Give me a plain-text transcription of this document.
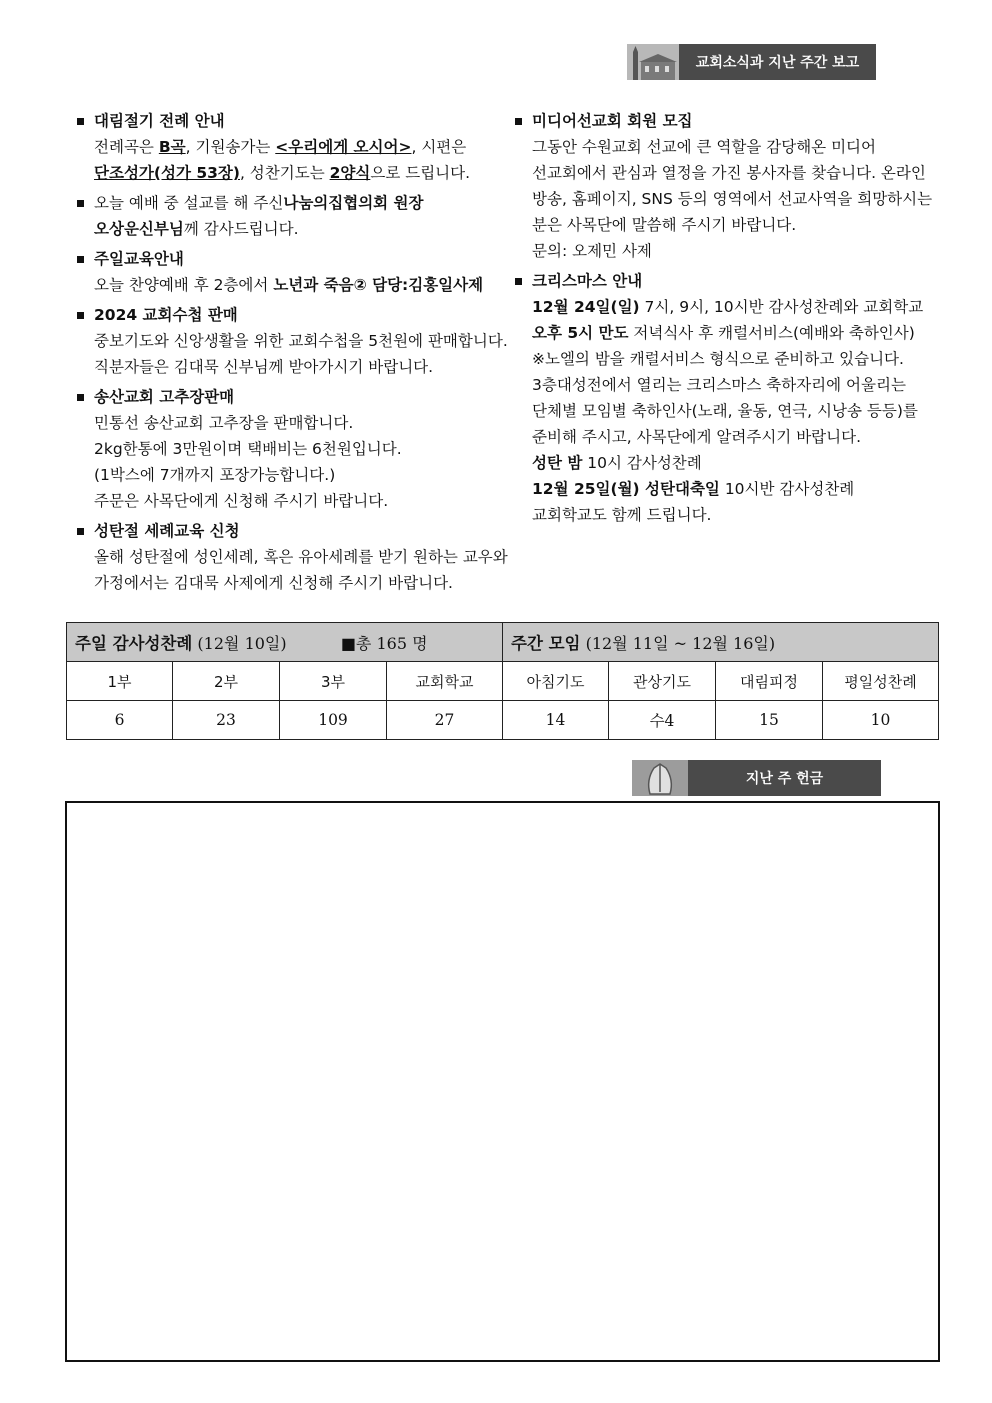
교회소식과 지난 주간 보고
대림절기 전례 안내
전례곡은 B곡, 기원송가는 <우리에게 오시어>, 시편은
단조성가(성가 53장), 성찬기도는 2양식으로 드립니다.
오늘 예배 중 설교를 해 주신 나눔의집협의회 원장
오상운신부님께 감사드립니다.
주일교육안내
오늘 찬양예배 후 2층에서 노년과 죽음② 담당:김홍일사제
2024 교회수첩 판매
중보기도와 신앙생활을 위한 교회수첩을 5천원에 판매합니다.
직분자들은 김대묵 신부님께 받아가시기 바랍니다.
송산교회 고추장판매
민통선 송산교회 고추장을 판매합니다.
2kg한통에 3만원이며 택배비는 6천원입니다.
(1박스에 7개까지 포장가능합니다.)
주문은 사목단에게 신청해 주시기 바랍니다.
성탄절 세례교육 신청
올해 성탄절에 성인세례, 혹은 유아세례를 받기 원하는 교우와
가정에서는 김대묵 사제에게 신청해 주시기 바랍니다.
미디어선교회 회원 모집
그동안 수원교회 선교에 큰 역할을 감당해온 미디어
선교회에서 관심과 열정을 가진 봉사자를 찾습니다. 온라인
방송, 홈페이지, SNS 등의 영역에서 선교사역을 희망하시는
분은 사목단에 말씀해 주시기 바랍니다.
문의: 오제민 사제
크리스마스 안내
12월 24일(일) 7시, 9시, 10시반 감사성찬례와 교회학교
오후 5시 만도 저녁식사 후 캐럴서비스(예배와 축하인사)
※노엘의 밤을 캐럴서비스 형식으로 준비하고 있습니다.
3층대성전에서 열리는 크리스마스 축하자리에 어울리는
단체별 모임별 축하인사(노래, 율동, 연극, 시낭송 등등)를
준비해 주시고, 사목단에게 알려주시기 바랍니다.
성탄 밤 10시 감사성찬례
12월 25일(월) 성탄대축일 10시반 감사성찬례
교회학교도 함께 드립니다.
주일 감사성찬례 (12월 10일) ■총 165 명				주간 모임 (12월 11일 ~ 12월 16일)			
1부	2부	3부	교회학교	아침기도	관상기도	대림피정	평일성찬례
6	23	109	27	14	수4	15	10
지난 주 헌금
